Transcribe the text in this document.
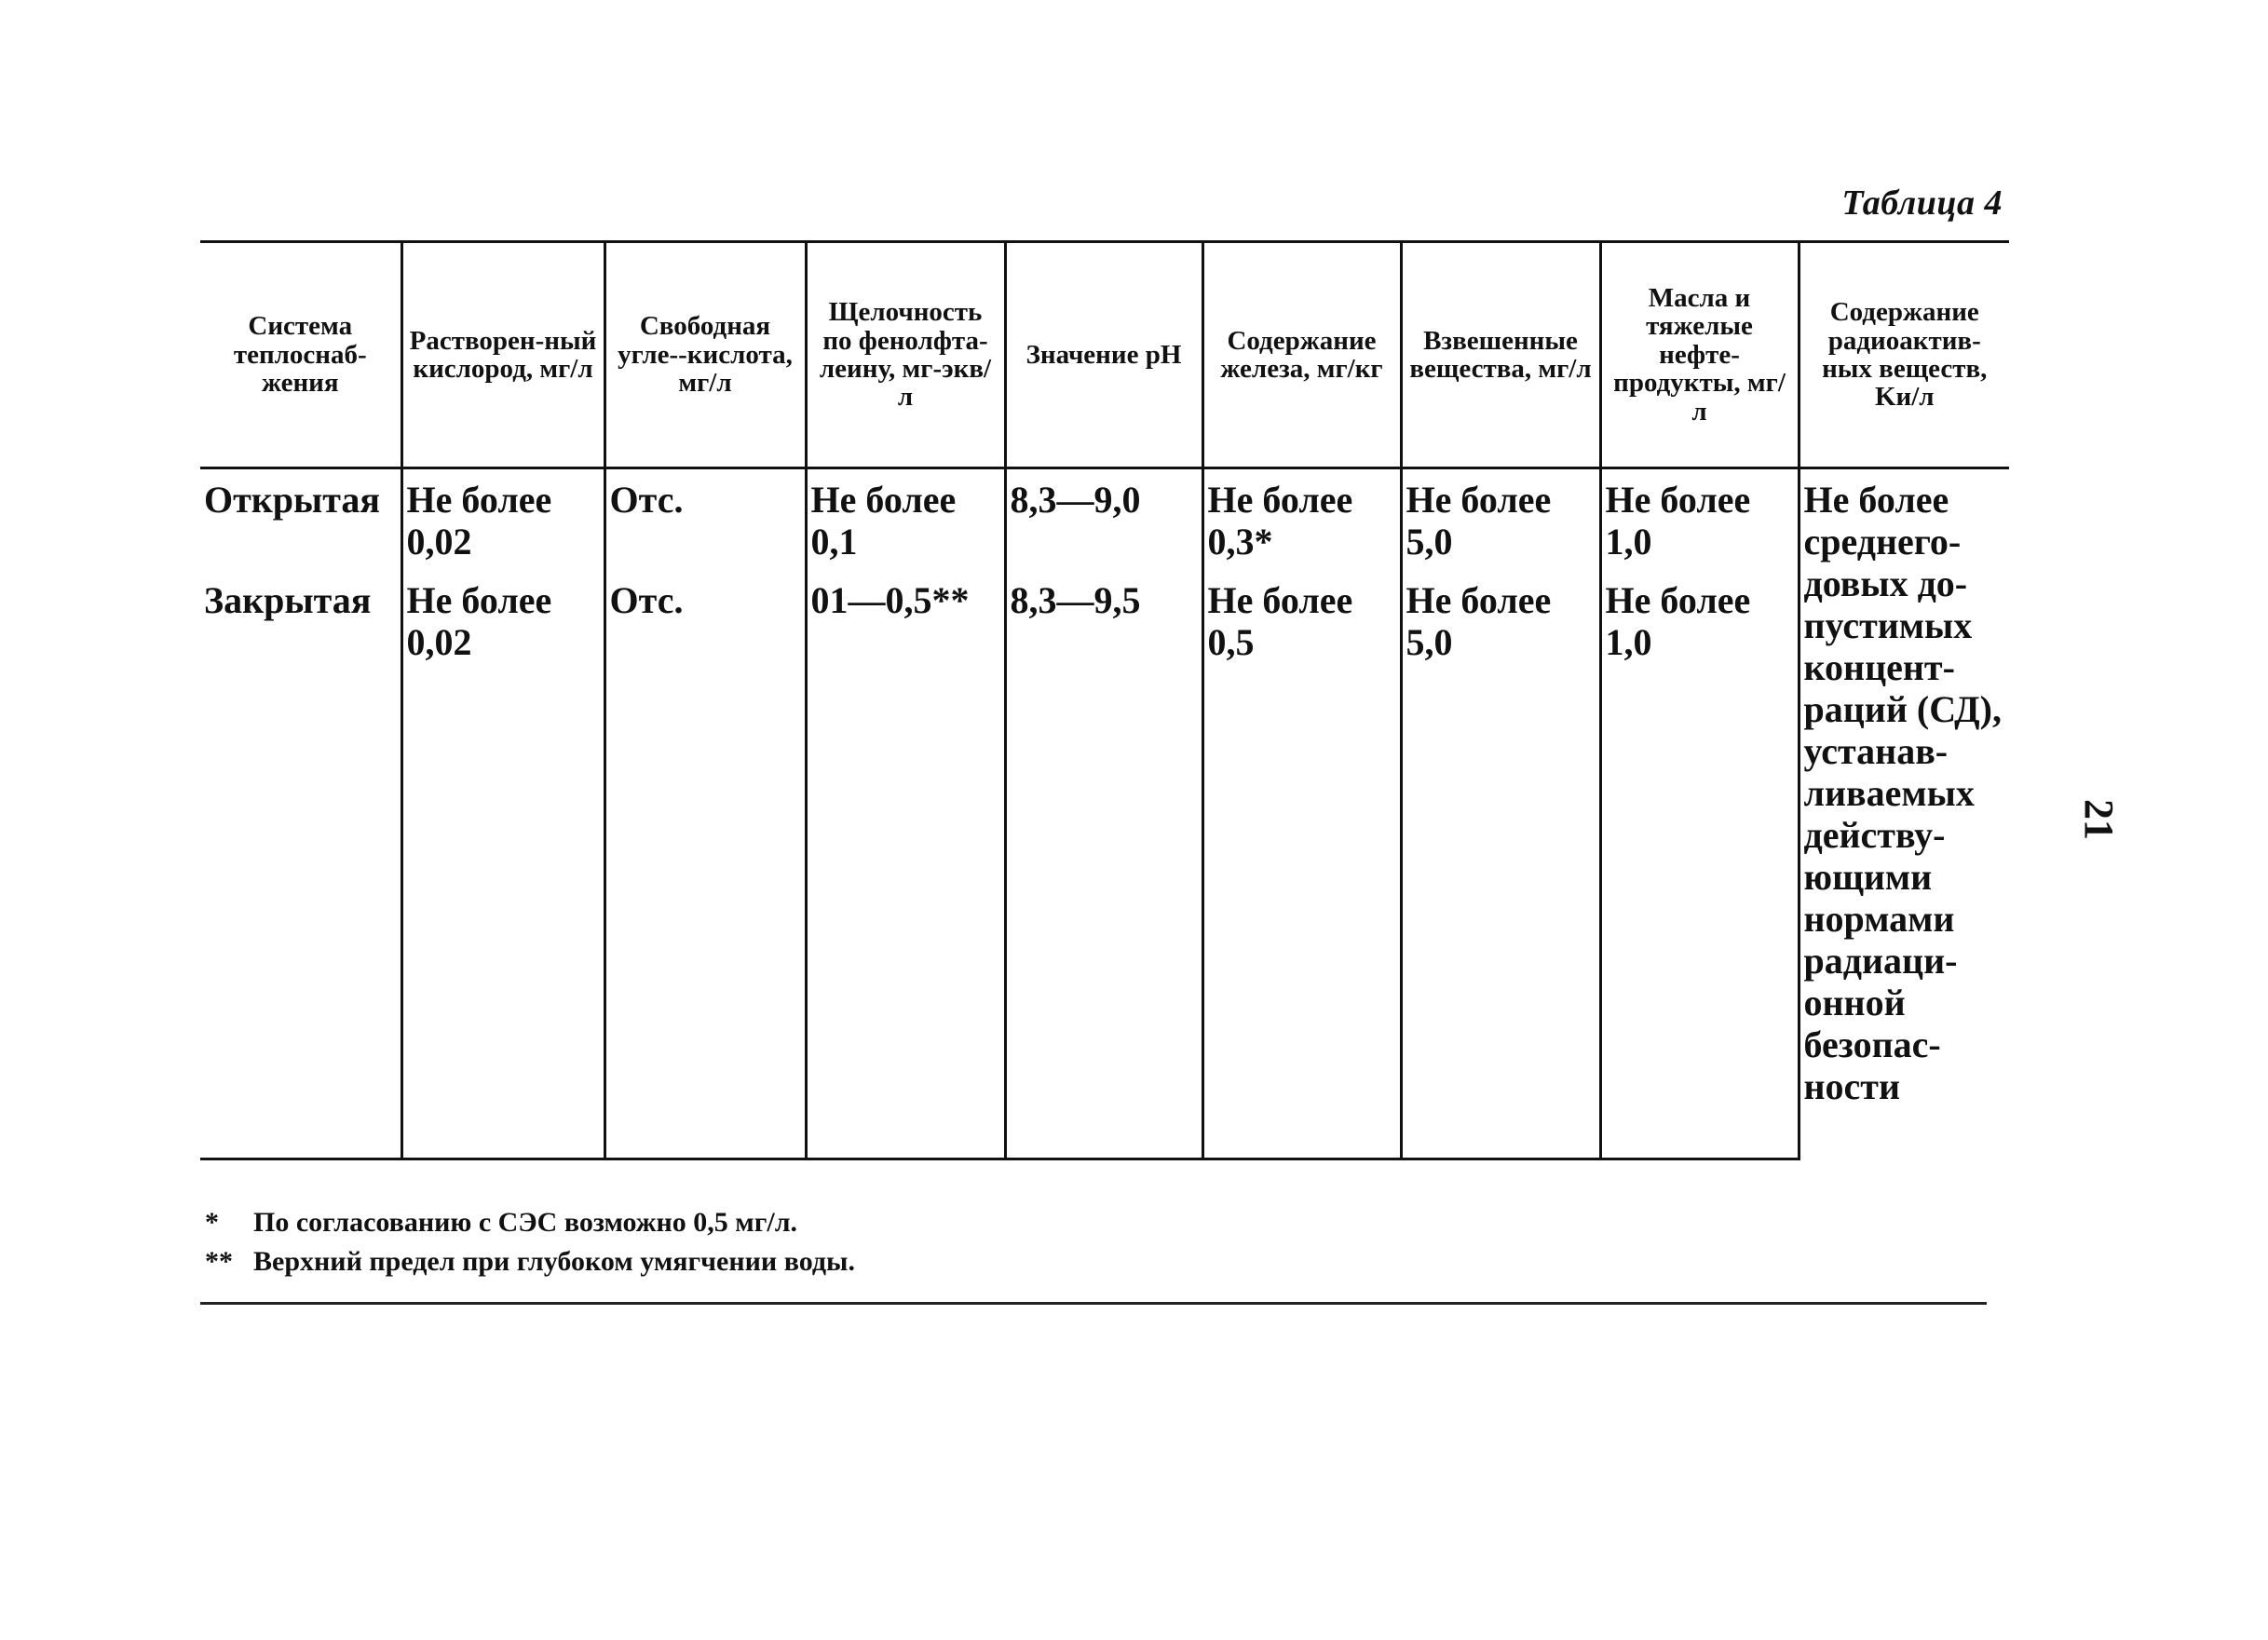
Таблица 4
Система теплоснаб-жения	Растворен-ный кислород, мг/л	Свободная угле--кислота, мг/л	Щелочность по фенолфта-леину, мг-экв/л	Значение pH	Содержание железа, мг/кг	Взвешенные вещества, мг/л	Масла и тяжелые нефте-продукты, мг/л	Содержание радиоактив-ных веществ, Kи/л
Открытая	Не более 0,02	Отс.	Не более 0,1	8,3—9,0	Не более 0,3*	Не более 5,0	Не более 1,0	Не более среднего-довых до-пустимых концент-раций (СД), устанав-ливаемых действу-ющими нормами радиаци-онной безопас-ности
Закрытая	Не более 0,02	Отс.	01—0,5**	8,3—9,5	Не более 0,5	Не более 5,0	Не более 1,0	
*	По согласованию с СЭС возможно 0,5 мг/л.
** Верхний предел при глубоком умягчении воды.
21
